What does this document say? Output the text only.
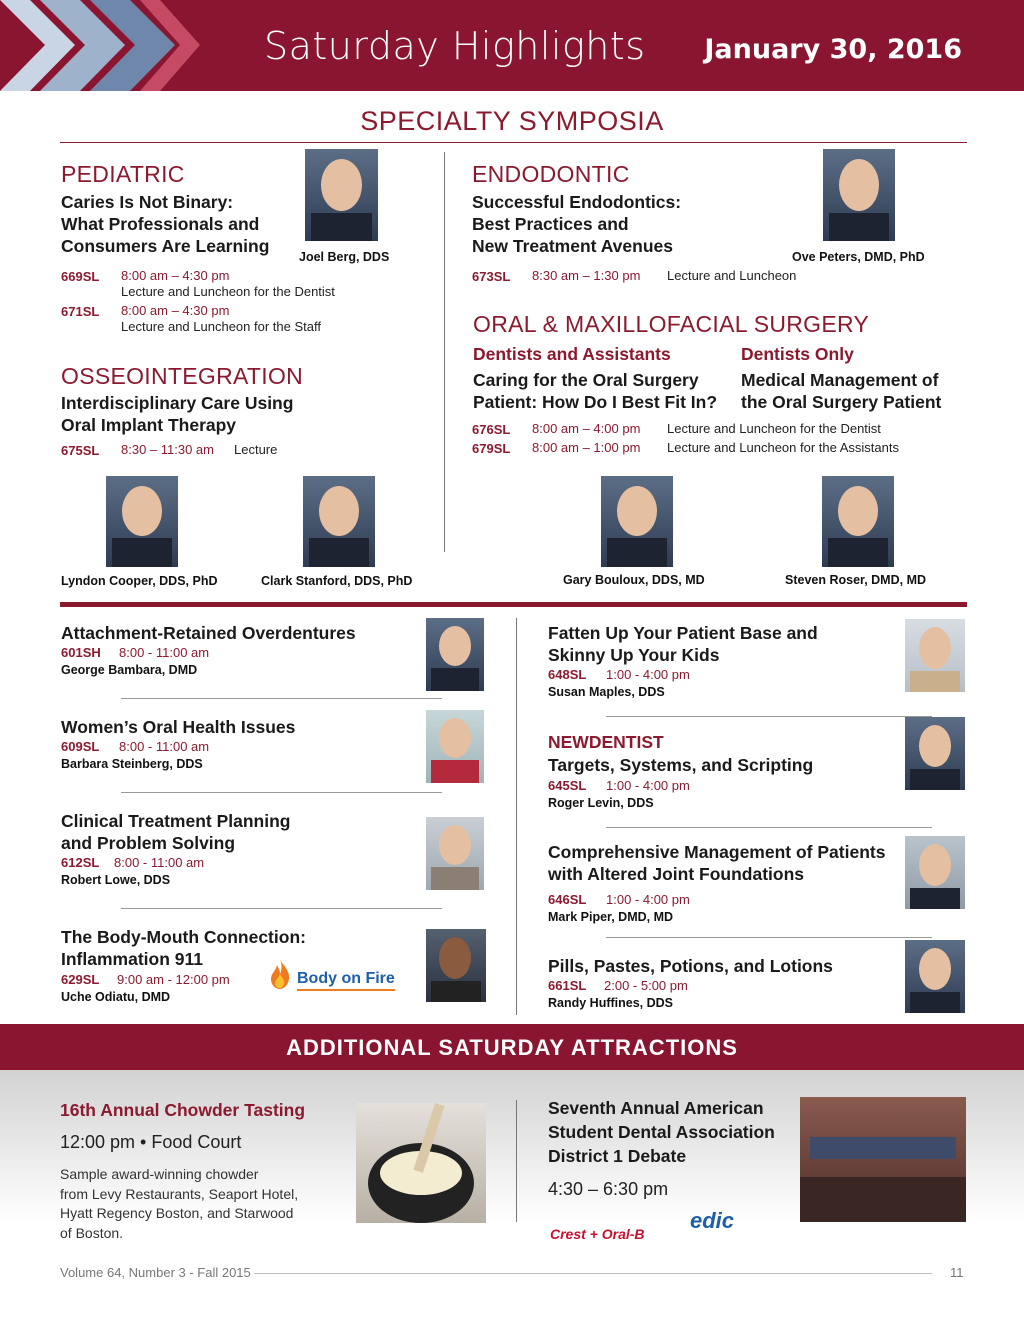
Saturday Highlights January 30, 2016
SPECIALTY SYMPOSIA
PEDIATRIC
Caries Is Not Binary:
What Professionals and
Consumers Are Learning
Joel Berg, DDS
669SL 8:00 am – 4:30 pm
Lecture and Luncheon for the Dentist
671SL 8:00 am – 4:30 pm
Lecture and Luncheon for the Staff
OSSEOINTEGRATION
Interdisciplinary Care Using
Oral Implant Therapy
675SL 8:30 – 11:30 am Lecture
Lyndon Cooper, DDS, PhD	Clark Stanford, DDS, PhD
ENDODONTIC
Successful Endodontics:
Best Practices and
New Treatment Avenues
Ove Peters, DMD, PhD
673SL 8:30 am – 1:30 pm Lecture and Luncheon
ORAL & MAXILLOFACIAL SURGERY
Dentists and Assistants	Dentists Only
Caring for the Oral Surgery
Patient: How Do I Best Fit In?
Medical Management of
the Oral Surgery Patient
676SL 8:00 am – 4:00 pm Lecture and Luncheon for the Dentist
679SL 8:00 am – 1:00 pm Lecture and Luncheon for the Assistants
Gary Bouloux, DDS, MD	Steven Roser, DMD, MD
Attachment-Retained Overdentures
601SH 8:00 - 11:00 am
George Bambara, DMD
Women’s Oral Health Issues
609SL 8:00 - 11:00 am
Barbara Steinberg, DDS
Clinical Treatment Planning
and Problem Solving
612SL 8:00 - 11:00 am
Robert Lowe, DDS
The Body-Mouth Connection:
Inflammation 911
629SL 9:00 am - 12:00 pm
Uche Odiatu, DMD
Body on Fire
Fatten Up Your Patient Base and
Skinny Up Your Kids
648SL 1:00 - 4:00 pm
Susan Maples, DDS
NEWDENTIST
Targets, Systems, and Scripting
645SL 1:00 - 4:00 pm
Roger Levin, DDS
Comprehensive Management of Patients
with Altered Joint Foundations
646SL 1:00 - 4:00 pm
Mark Piper, DMD, MD
Pills, Pastes, Potions, and Lotions
661SL 2:00 - 5:00 pm
Randy Huffines, DDS
ADDITIONAL SATURDAY ATTRACTIONS
16th Annual Chowder Tasting
12:00 pm • Food Court
Sample award-winning chowder
from Levy Restaurants, Seaport Hotel,
Hyatt Regency Boston, and Starwood
of Boston.
Seventh Annual American
Student Dental Association
District 1 Debate
4:30 – 6:30 pm
Crest + Oral-B
edic
Volume 64, Number 3 - Fall 2015	11
